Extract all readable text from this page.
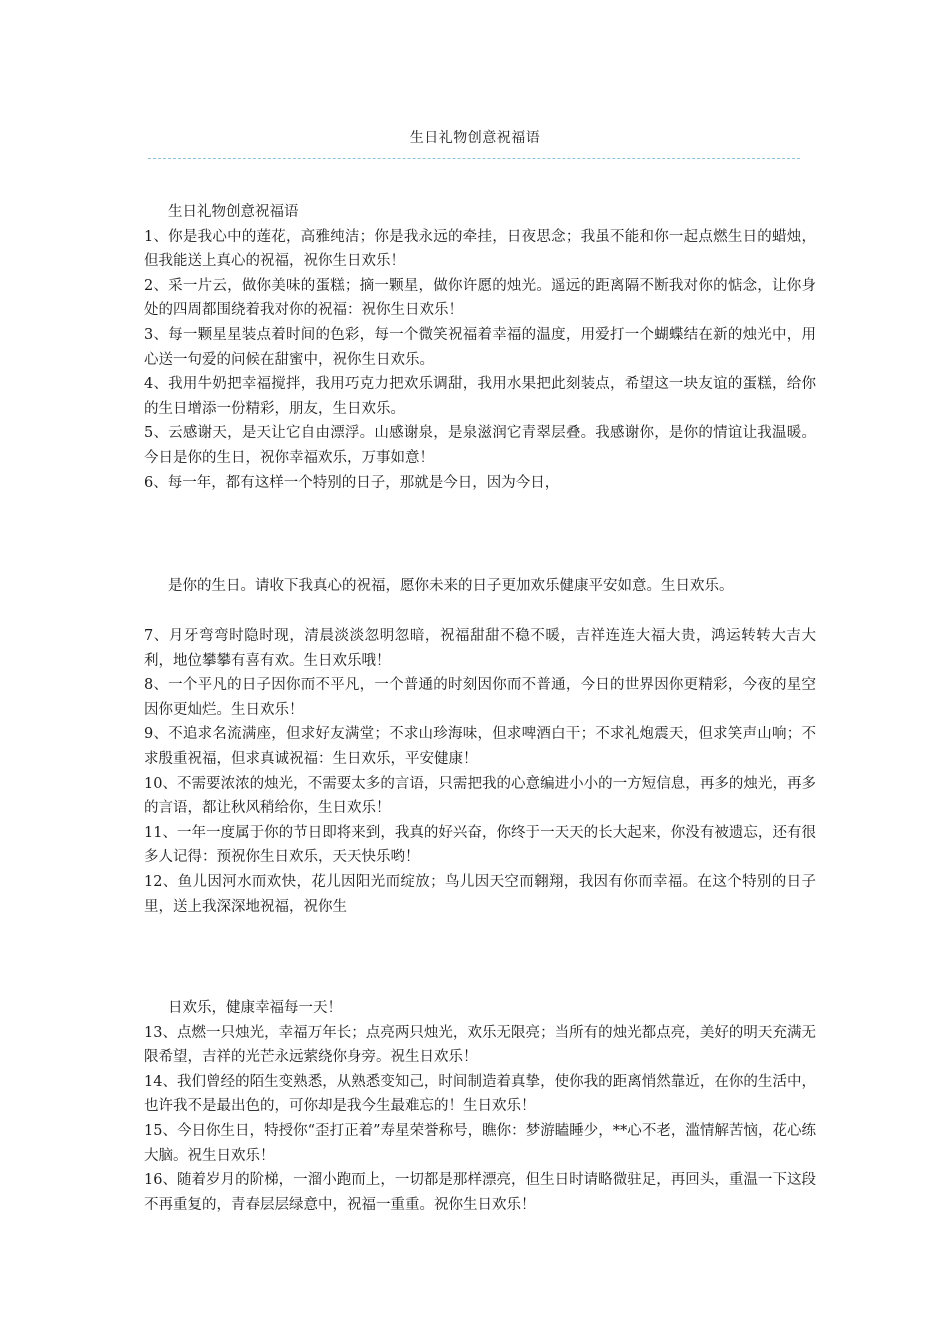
生日礼物创意祝福语

生日礼物创意祝福语

1、你是我心中的莲花，高雅纯洁；你是我永远的牵挂，日夜思念；我虽不能和你一起点燃生日的蜡烛，但我能送上真心的祝福，祝你生日欢乐！

2、采一片云，做你美味的蛋糕；摘一颗星，做你许愿的烛光。遥远的距离隔不断我对你的惦念，让你身处的四周都围绕着我对你的祝福：祝你生日欢乐！

3、每一颗星星装点着时间的色彩，每一个微笑祝福着幸福的温度，用爱打一个蝴蝶结在新的烛光中，用心送一句爱的问候在甜蜜中，祝你生日欢乐。

4、我用牛奶把幸福搅拌，我用巧克力把欢乐调甜，我用水果把此刻装点，希望这一块友谊的蛋糕，给你的生日增添一份精彩，朋友，生日欢乐。

5、云感谢天，是天让它自由漂浮。山感谢泉，是泉滋润它青翠层叠。我感谢你，是你的情谊让我温暖。今日是你的生日，祝你幸福欢乐，万事如意！

6、每一年，都有这样一个特别的日子，那就是今日，因为今日，

是你的生日。请收下我真心的祝福，愿你未来的日子更加欢乐健康平安如意。生日欢乐。

7、月牙弯弯时隐时现，清晨淡淡忽明忽暗，祝福甜甜不稳不暖，吉祥连连大福大贵，鸿运转转大吉大利，地位攀攀有喜有欢。生日欢乐哦！

8、一个平凡的日子因你而不平凡，一个普通的时刻因你而不普通，今日的世界因你更精彩，今夜的星空因你更灿烂。生日欢乐！

9、不追求名流满座，但求好友满堂；不求山珍海味，但求啤酒白干；不求礼炮震天，但求笑声山响；不求殷重祝福，但求真诚祝福：生日欢乐，平安健康！

10、不需要浓浓的烛光，不需要太多的言语，只需把我的心意编进小小的一方短信息，再多的烛光，再多的言语，都让秋风稍给你，生日欢乐！

11、一年一度属于你的节日即将来到，我真的好兴奋，你终于一天天的长大起来，你没有被遗忘，还有很多人记得：预祝你生日欢乐，天天快乐哟！

12、鱼儿因河水而欢快，花儿因阳光而绽放；鸟儿因天空而翱翔，我因有你而幸福。在这个特别的日子里，送上我深深地祝福，祝你生

日欢乐，健康幸福每一天！

13、点燃一只烛光，幸福万年长；点亮两只烛光，欢乐无限亮；当所有的烛光都点亮，美好的明天充满无限希望，吉祥的光芒永远萦绕你身旁。祝生日欢乐！

14、我们曾经的陌生变熟悉，从熟悉变知己，时间制造着真挚，使你我的距离悄然靠近，在你的生活中，也许我不是最出色的，可你却是我今生最难忘的！生日欢乐！

15、今日你生日，特授你“歪打正着”寿星荣誉称号，瞧你：梦游瞌睡少，**心不老，滥情解苦恼，花心练大脑。祝生日欢乐！

16、随着岁月的阶梯，一溜小跑而上，一切都是那样漂亮，但生日时请略微驻足，再回头，重温一下这段不再重复的，青春层层绿意中，祝福一重重。祝你生日欢乐！
